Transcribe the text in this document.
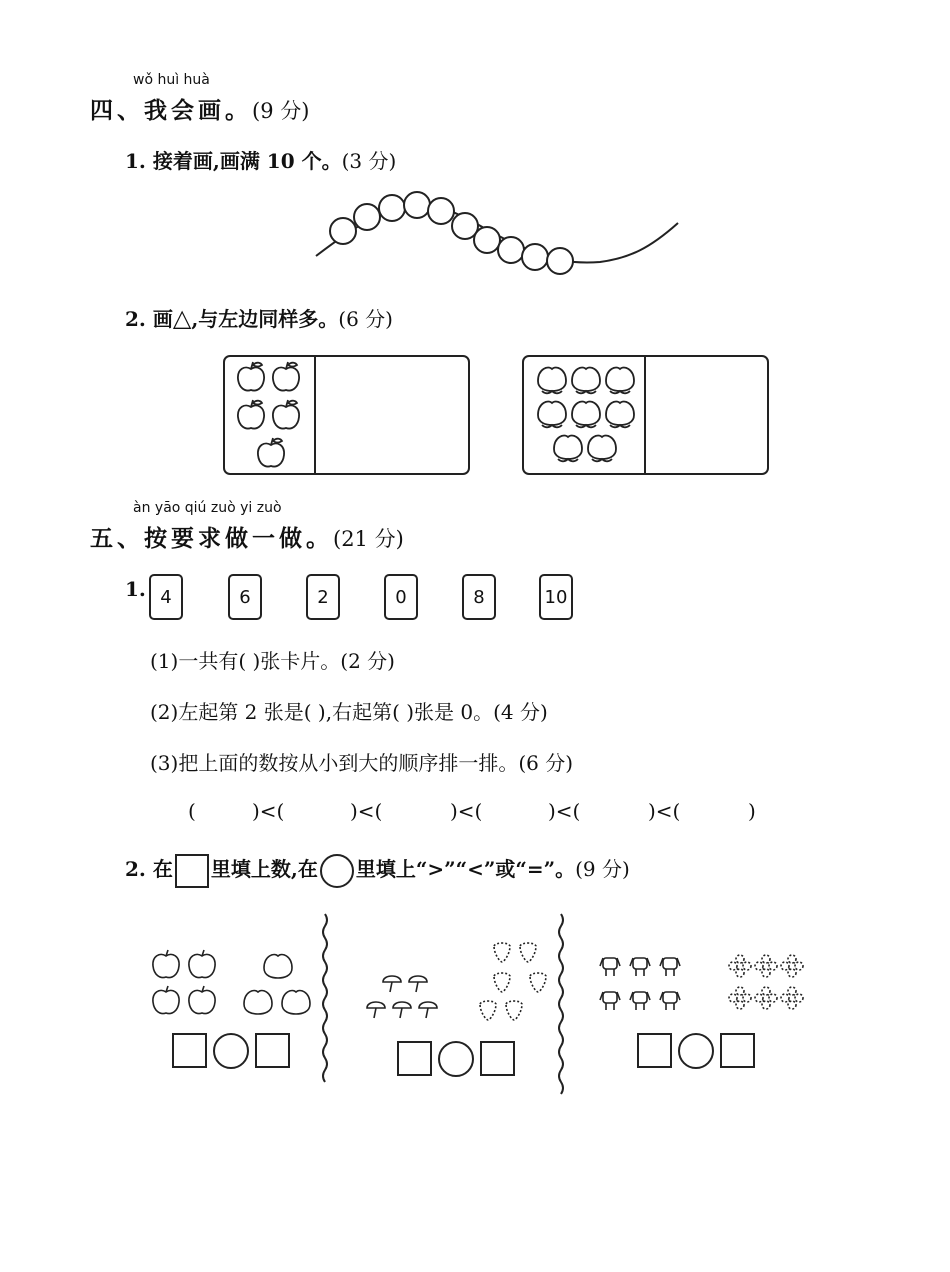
wǒ huì huà
四、我会画。(9 分)
1. 接着画,画满 10 个。(3 分)
2. 画△,与左边同样多。(6 分)
àn yāo qiú zuò yi zuò
五、按要求做一做。(21 分)
1. 4	6	2	0	8	10
(1)一共有( )张卡片。(2 分)
(2)左起第 2 张是( ),右起第( )张是 0。(4 分)
(3)把上面的数按从小到大的顺序排一排。(6 分)
(	)<(	)<(	)<(	)<(	)<(	)
2. 在 里填上数,在 里填上“>”“<”或“=”。(9 分)
